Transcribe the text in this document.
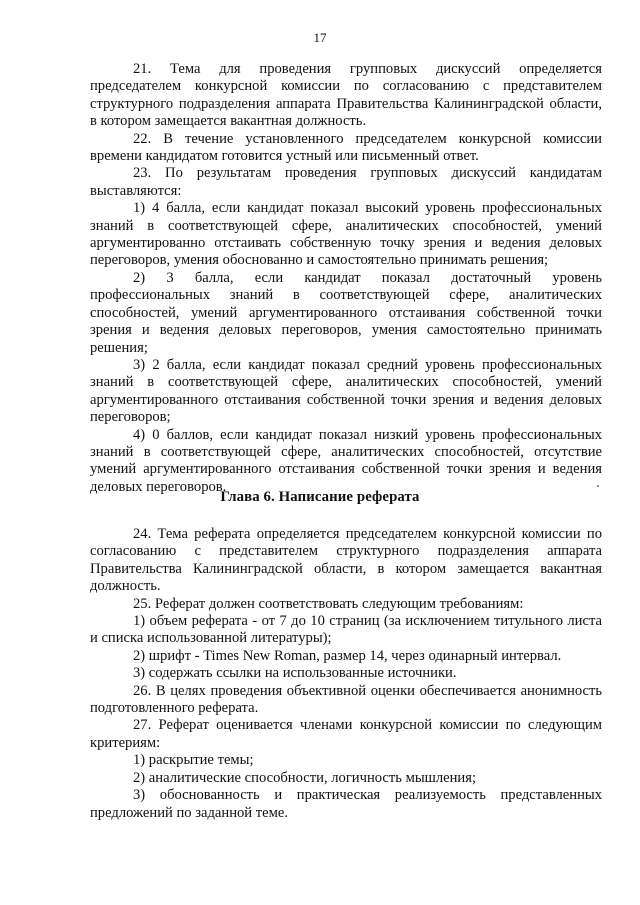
17

21. Тема для проведения групповых дискуссий определяется председателем конкурсной комиссии по согласованию с представителем структурного подразделения аппарата Правительства Калининградской области, в котором замещается вакантная должность.

22. В течение установленного председателем конкурсной комиссии времени кандидатом готовится устный или письменный ответ.

23. По результатам проведения групповых дискуссий кандидатам выставляются:

1) 4 балла, если кандидат показал высокий уровень профессиональных знаний в соответствующей сфере, аналитических способностей, умений аргументированно отстаивать собственную точку зрения и ведения деловых переговоров, умения обоснованно и самостоятельно принимать решения;

2) 3 балла, если кандидат показал достаточный уровень профессиональных знаний в соответствующей сфере, аналитических способностей, умений аргументированного отстаивания собственной точки зрения и ведения деловых переговоров, умения самостоятельно принимать решения;

3) 2 балла, если кандидат показал средний уровень профессиональных знаний в соответствующей сфере, аналитических способностей, умений аргументированного отстаивания собственной точки зрения и ведения деловых переговоров;

4) 0 баллов, если кандидат показал низкий уровень профессиональных знаний в соответствующей сфере, аналитических способностей, отсутствие умений аргументированного отстаивания собственной точки зрения и ведения деловых переговоров.

Глава 6. Написание реферата

24. Тема реферата определяется председателем конкурсной комиссии по согласованию с представителем структурного подразделения аппарата Правительства Калининградской области, в котором замещается вакантная должность.

25. Реферат должен соответствовать следующим требованиям:

1) объем реферата - от 7 до 10 страниц (за исключением титульного листа и списка использованной литературы);

2) шрифт - Times New Roman, размер 14, через одинарный интервал.

3) содержать ссылки на использованные источники.

26. В целях проведения объективной оценки обеспечивается анонимность подготовленного реферата.

27. Реферат оценивается членами конкурсной комиссии по следующим критериям:

1) раскрытие темы;

2) аналитические способности, логичность мышления;

3) обоснованность и практическая реализуемость представленных предложений по заданной теме.
